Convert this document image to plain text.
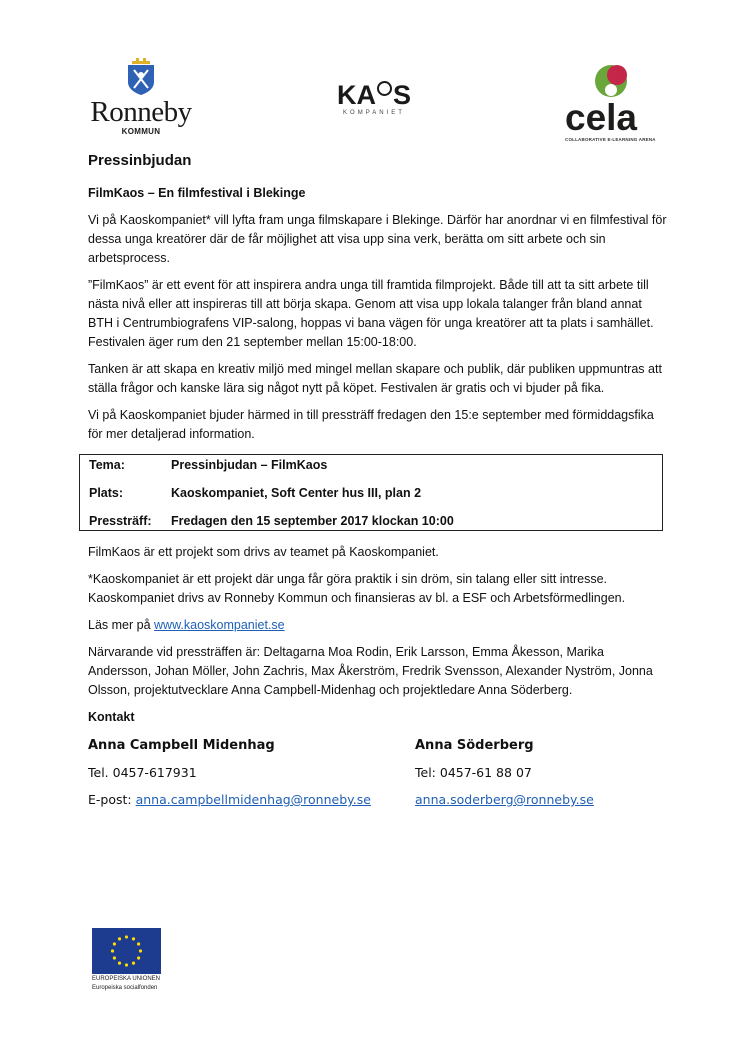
Ronneby
KOMMUN
KA S
KOMPANIET	cela
COLLABORATIVE E-LEARNING ARENA
Pressinbjudan
FilmKaos – En filmfestival i Blekinge

Vi på Kaoskompaniet* vill lyfta fram unga filmskapare i Blekinge. Därför har anordnar vi en filmfestival för dessa unga kreatörer där de får möjlighet att visa upp sina verk, berätta om sitt arbete och sin arbetsprocess.

”FilmKaos” är ett event för att inspirera andra unga till framtida filmprojekt. Både till att ta sitt arbete till nästa nivå eller att inspireras till att börja skapa. Genom att visa upp lokala talanger från bland annat BTH i Centrumbiografens VIP-salong, hoppas vi bana vägen för unga kreatörer att ta plats i samhället. Festivalen äger rum den 21 september mellan 15:00-18:00.

Tanken är att skapa en kreativ miljö med mingel mellan skapare och publik, där publiken uppmuntras att ställa frågor och kanske lära sig något nytt på köpet. Festivalen är gratis och vi bjuder på fika.

Vi på Kaoskompaniet bjuder härmed in till pressträff fredagen den 15:e september med förmiddagsfika för mer detaljerad information.

Tema:	Pressinbjudan – FilmKaos
Plats:	Kaoskompaniet, Soft Center hus III, plan 2
Pressträff: Fredagen den 15 september 2017 klockan 10:00

FilmKaos är ett projekt som drivs av teamet på Kaoskompaniet.

*Kaoskompaniet är ett projekt där unga får göra praktik i sin dröm, sin talang eller sitt intresse. Kaoskompaniet drivs av Ronneby Kommun och finansieras av bl. a ESF och Arbetsförmedlingen.

Läs mer på www.kaoskompaniet.se

Närvarande vid pressträffen är: Deltagarna Moa Rodin, Erik Larsson, Emma Åkesson, Marika Andersson, Johan Möller, John Zachris, Max Åkerström, Fredrik Svensson, Alexander Nyström, Jonna Olsson, projektutvecklare Anna Campbell-Midenhag och projektledare Anna Söderberg.

Kontakt

Anna Campbell Midenhag
Tel. 0457-617931
E-post: anna.campbellmidenhag@ronneby.se
Anna Söderberg
Tel: 0457-61 88 07
anna.soderberg@ronneby.se
EUROPEISKA UNIONEN
Europeiska socialfonden
